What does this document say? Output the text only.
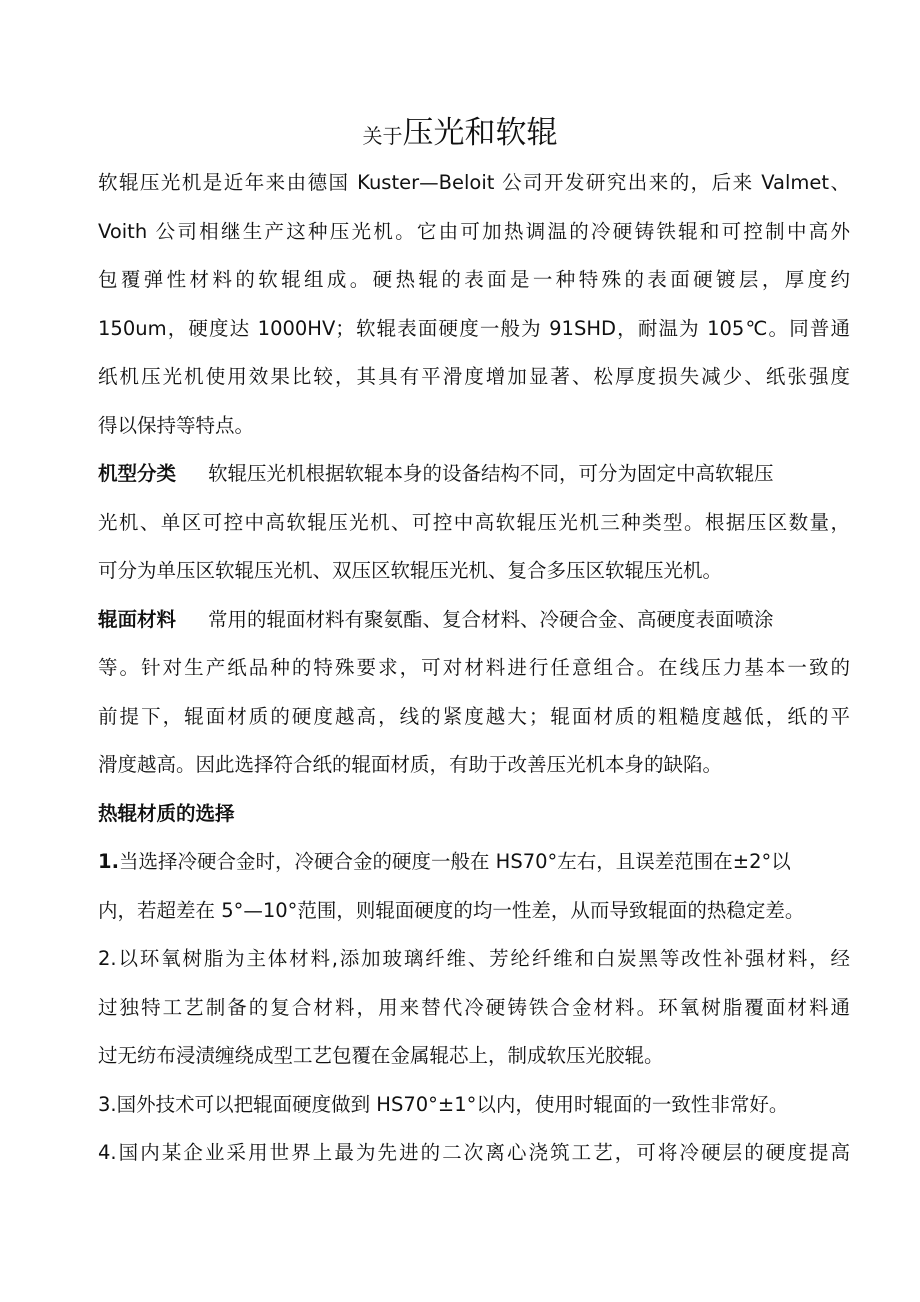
关于压光和软辊
软辊压光机是近年来由德国 Kuster—Beloit 公司开发研究出来的，后来 Valmet、
Voith 公司相继生产这种压光机。它由可加热调温的冷硬铸铁辊和可控制中高外
包覆弹性材料的软辊组成。硬热辊的表面是一种特殊的表面硬镀层，厚度约
150um，硬度达 1000HV；软辊表面硬度一般为 91SHD，耐温为 105℃。同普通
纸机压光机使用效果比较，其具有平滑度增加显著、松厚度损失减少、纸张强度
得以保持等特点。
机型分类 软辊压光机根据软辊本身的设备结构不同，可分为固定中高软辊压
光机、单区可控中高软辊压光机、可控中高软辊压光机三种类型。根据压区数量，
可分为单压区软辊压光机、双压区软辊压光机、复合多压区软辊压光机。
辊面材料 常用的辊面材料有聚氨酯、复合材料、冷硬合金、高硬度表面喷涂
等。针对生产纸品种的特殊要求，可对材料进行任意组合。在线压力基本一致的
前提下，辊面材质的硬度越高，线的紧度越大；辊面材质的粗糙度越低，纸的平
滑度越高。因此选择符合纸的辊面材质，有助于改善压光机本身的缺陷。
热辊材质的选择
1.当选择冷硬合金时，冷硬合金的硬度一般在 HS70°左右，且误差范围在±2°以
内，若超差在 5°—10°范围，则辊面硬度的均一性差，从而导致辊面的热稳定差。
2.以环氧树脂为主体材料,添加玻璃纤维、芳纶纤维和白炭黑等改性补强材料，经
过独特工艺制备的复合材料，用来替代冷硬铸铁合金材料。环氧树脂覆面材料通
过无纺布浸渍缠绕成型工艺包覆在金属辊芯上，制成软压光胶辊。
3.国外技术可以把辊面硬度做到 HS70°±1°以内，使用时辊面的一致性非常好。
4.国内某企业采用世界上最为先进的二次离心浇筑工艺，可将冷硬层的硬度提高
